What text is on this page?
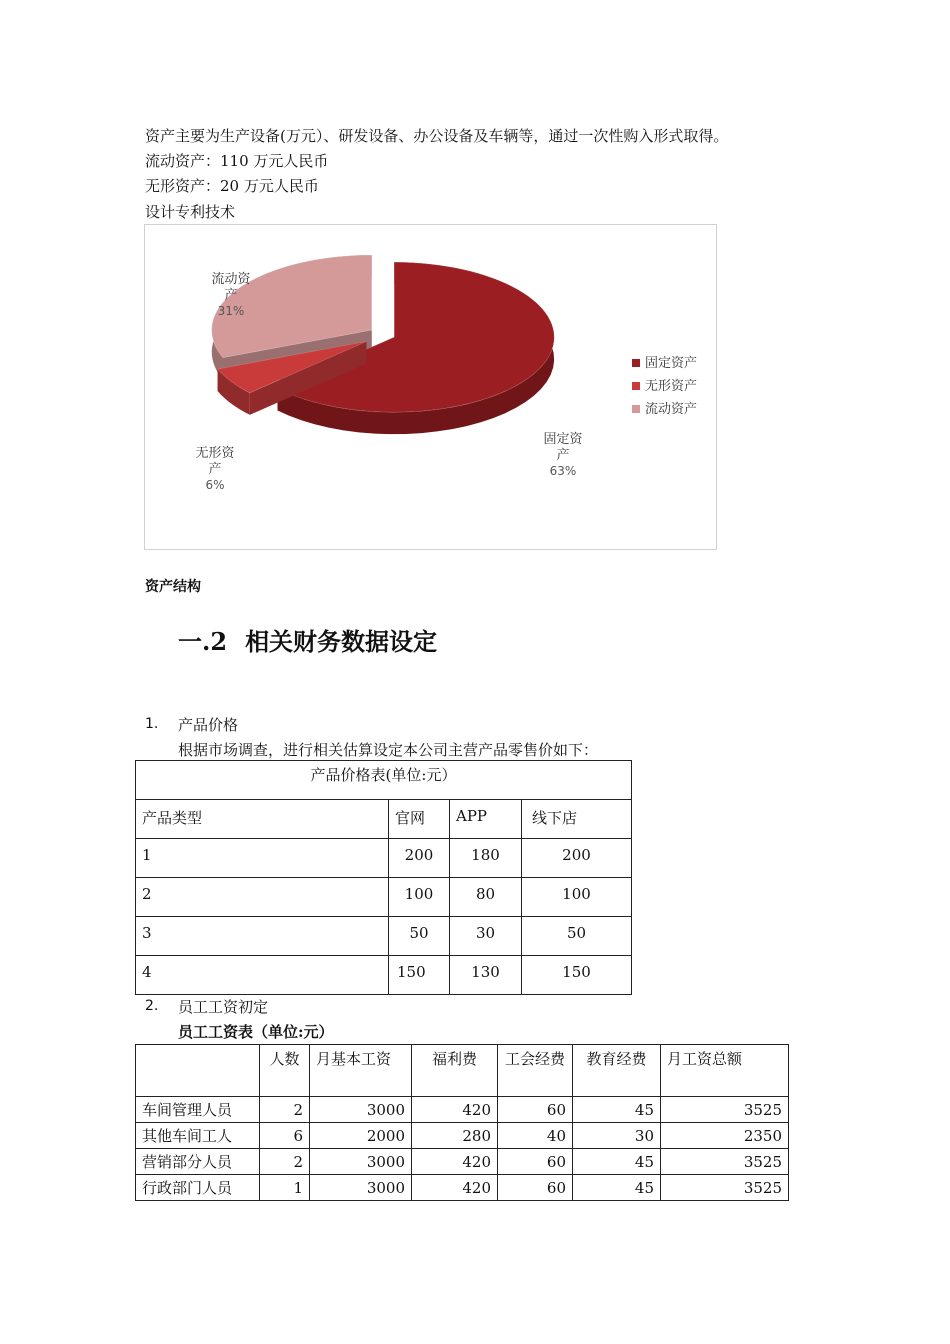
资产主要为生产设备(万元）、研发设备、办公设备及车辆等，通过一次性购入形式取得。
流动资产：110 万元人民币
无形资产：20 万元人民币
设计专利技术
固定资
产
63%
无形资
产
6%
流动资
产
31%
固定资产
无形资产
流动资产
资产结构
一.2 相关财务数据设定
1. 产品价格
根据市场调查，进行相关估算设定本公司主营产品零售价如下：
产品价格表(单位:元）			
产品类型	官网	APP	线下店
1	200	180	200
2	100	80	100
3	50	30	50
4	150	130	150
2. 员工工资初定
员工工资表（单位:元）
	人数	月基本工资	福利费	工会经费	教育经费	月工资总额
车间管理人员	2	3000	420	60	45	3525
其他车间工人	6	2000	280	40	30	2350
营销部分人员	2	3000	420	60	45	3525
行政部门人员	1	3000	420	60	45	3525
